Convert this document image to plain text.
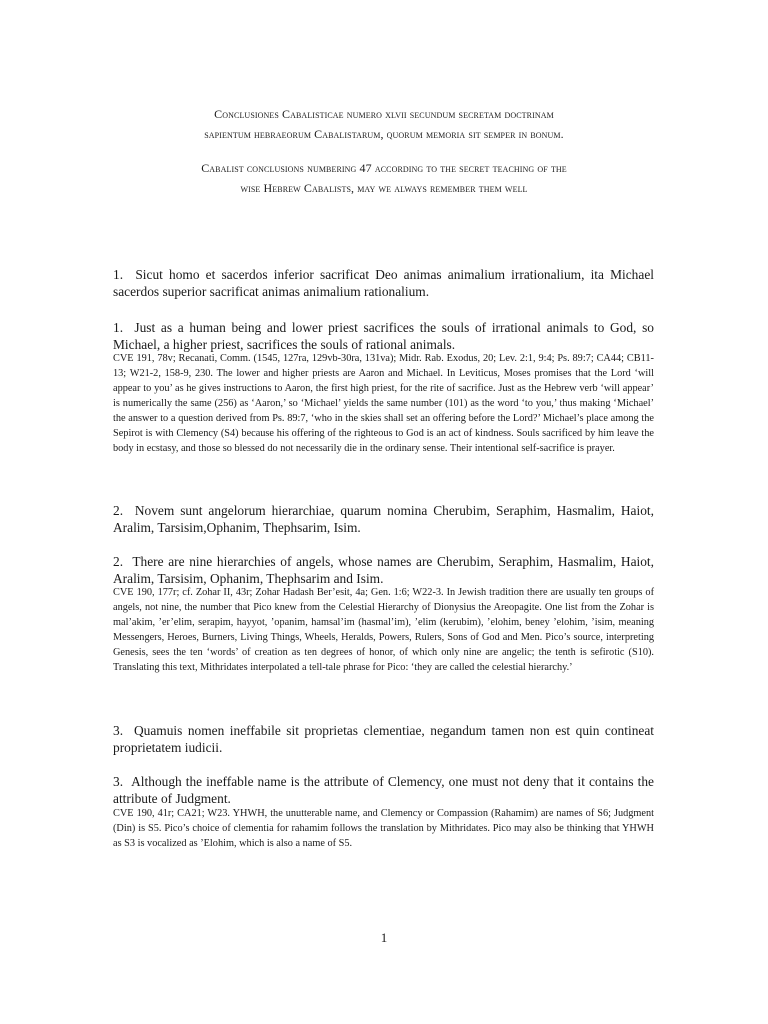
Conclusiones Cabalisticae numero xlvii secundum secretam doctrinam
sapientum hebraeorum Cabalistarum, quorum memoria sit semper in bonum.
Cabalist conclusions numbering 47 according to the secret teaching of the
wise Hebrew Cabalists, may we always remember them well
1.  Sicut homo et sacerdos inferior sacrificat Deo animas animalium irrationalium, ita Michael sacerdos superior sacrificat animas animalium rationalium.
1.  Just as a human being and lower priest sacrifices the souls of irrational animals to God, so Michael, a higher priest, sacrifices the souls of rational animals.
CVE 191, 78v; Recanati, Comm. (1545, 127ra, 129vb-30ra, 131va); Midr. Rab. Exodus, 20; Lev. 2:1, 9:4; Ps. 89:7; CA44; CB11-13; W21-2, 158-9, 230. The lower and higher priests are Aaron and Michael. In Leviticus, Moses promises that the Lord ‘will appear to you’ as he gives instructions to Aaron, the first high priest, for the rite of sacrifice. Just as the Hebrew verb ‘will appear’ is numerically the same (256) as ‘Aaron,’ so ‘Michael’ yields the same number (101) as the word ‘to you,’ thus making ‘Michael’ the answer to a question derived from Ps. 89:7, ‘who in the skies shall set an offering before the Lord?’ Michael’s place among the Sepirot is with Clemency (S4) because his offering of the righteous to God is an act of kindness. Souls sacrificed by him leave the body in ecstasy, and those so blessed do not necessarily die in the ordinary sense. Their intentional self-sacrifice is prayer.
2.  Novem sunt angelorum hierarchiae, quarum nomina Cherubim, Seraphim, Hasmalim, Haiot, Aralim, Tarsisim,Ophanim, Thephsarim, Isim.
2.  There are nine hierarchies of angels, whose names are Cherubim, Seraphim, Hasmalim, Haiot, Aralim, Tarsisim, Ophanim, Thephsarim and Isim.
CVE 190, 177r; cf. Zohar II, 43r; Zohar Hadash Ber’esit, 4a; Gen. 1:6; W22-3. In Jewish tradition there are usually ten groups of angels, not nine, the number that Pico knew from the Celestial Hierarchy of Dionysius the Areopagite. One list from the Zohar is mal’akim, ’er’elim, serapim, hayyot, ’opanim, hamsal’im (hasmal’im), ’elim (kerubim), ’elohim, beney ’elohim, ’isim, meaning Messengers, Heroes, Burners, Living Things, Wheels, Heralds, Powers, Rulers, Sons of God and Men. Pico’s source, interpreting Genesis, sees the ten ‘words’ of creation as ten degrees of honor, of which only nine are angelic; the tenth is sefirotic (S10). Translating this text, Mithridates interpolated a tell-tale phrase for Pico: ‘they are called the celestial hierarchy.’
3.  Quamuis nomen ineffabile sit proprietas clementiae, negandum tamen non est quin contineat proprietatem iudicii.
3.  Although the ineffable name is the attribute of Clemency, one must not deny that it contains the attribute of Judgment.
CVE 190, 41r; CA21; W23. YHWH, the unutterable name, and Clemency or Compassion (Rahamim) are names of S6; Judgment (Din) is S5. Pico’s choice of clementia for rahamim follows the translation by Mithridates. Pico may also be thinking that YHWH as S3 is vocalized as ’Elohim, which is also a name of S5.
1
